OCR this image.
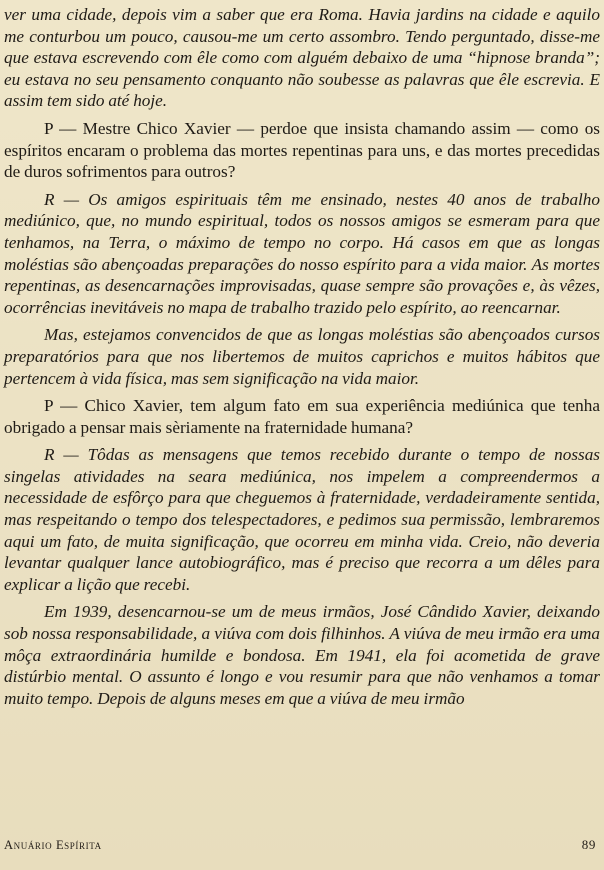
ver uma cidade, depois vim a saber que era Roma. Havia jardins na cidade e aquilo me conturbou um pouco, causou-me um certo assombro. Tendo perguntado, disse-me que estava escrevendo com êle como com alguém debaixo de uma “hipnose branda”; eu estava no seu pensamento conquanto não soubesse as palavras que êle escrevia. E assim tem sido até hoje.

P — Mestre Chico Xavier — perdoe que insista chamando assim — como os espíritos encaram o problema das mortes repentinas para uns, e das mortes precedidas de duros sofrimentos para outros?

R — Os amigos espirituais têm me ensinado, nestes 40 anos de trabalho mediúnico, que, no mundo espiritual, todos os nossos amigos se esmeram para que tenhamos, na Terra, o máximo de tempo no corpo. Há casos em que as longas moléstias são abençoadas preparações do nosso espírito para a vida maior. As mortes repentinas, as desencarnações improvisadas, quase sempre são provações e, às vêzes, ocorrências inevitáveis no mapa de trabalho trazido pelo espírito, ao reencarnar.

Mas, estejamos convencidos de que as longas moléstias são abençoados cursos preparatórios para que nos libertemos de muitos caprichos e muitos hábitos que pertencem à vida física, mas sem significação na vida maior.

P — Chico Xavier, tem algum fato em sua experiência mediúnica que tenha obrigado a pensar mais sèriamente na fraternidade humana?

R — Tôdas as mensagens que temos recebido durante o tempo de nossas singelas atividades na seara mediúnica, nos impelem a compreendermos a necessidade de esfôrço para que cheguemos à fraternidade, verdadeiramente sentida, mas respeitando o tempo dos telespectadores, e pedimos sua permissão, lembraremos aqui um fato, de muita significação, que ocorreu em minha vida. Creio, não deveria levantar qualquer lance autobiográfico, mas é preciso que recorra a um dêles para explicar a lição que recebi.

Em 1939, desencarnou-se um de meus irmãos, José Cândido Xavier, deixando sob nossa responsabilidade, a viúva com dois filhinhos. A viúva de meu irmão era uma môça extraordinária humilde e bondosa. Em 1941, ela foi acometida de grave distúrbio mental. O assunto é longo e vou resumir para que não venhamos a tomar muito tempo. Depois de alguns meses em que a viúva de meu irmão

Anuário Espírita	89
